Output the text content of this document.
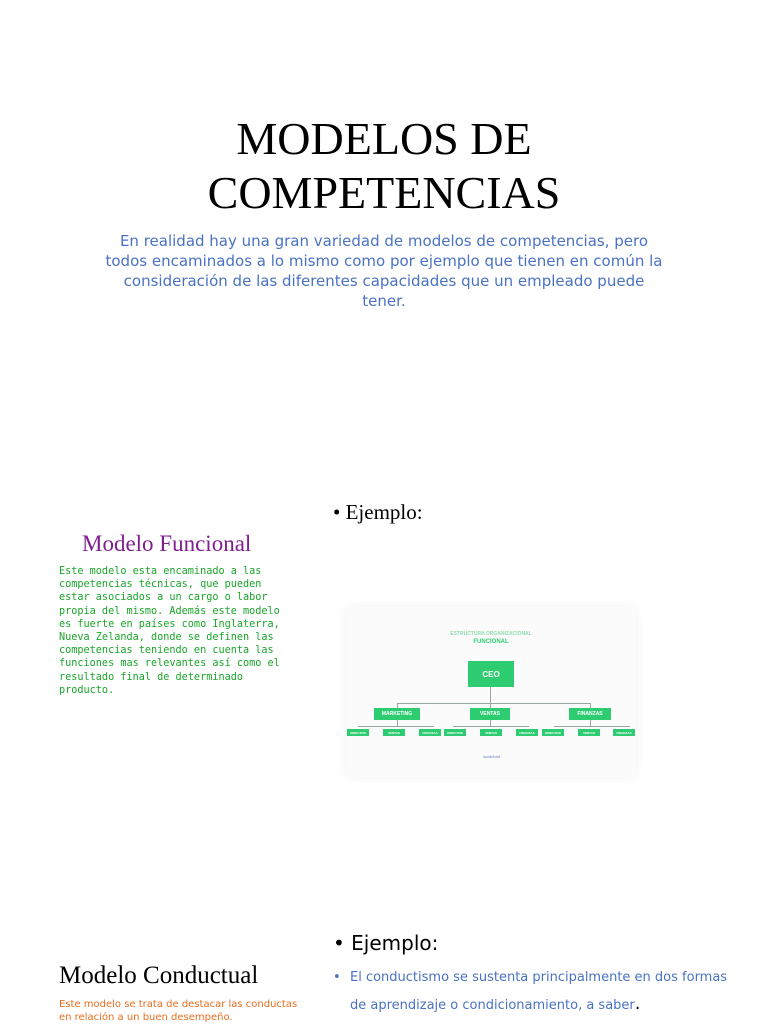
MODELOS DE
COMPETENCIAS
En realidad hay una gran variedad de modelos de competencias, pero todos encaminados a lo mismo como por ejemplo que tienen en común la consideración de las diferentes capacidades que un empleado puede tener.
• Ejemplo:
Modelo Funcional
Este modelo esta encaminado a las competencias técnicas, que pueden estar asociados a un cargo o labor propia del mismo. Además este modelo es fuerte en países como Inglaterra, Nueva Zelanda, donde se definen las competencias teniendo en cuenta las funciones mas relevantes así como el resultado final de determinado producto.
ESTRUCTURA ORGANIZACIONAL
FUNCIONAL
CEO
MARKETING	VENTAS	FINANZAS
DIRECTOR	VENTAS	FINANZAS	DIRECTOR	VENTAS	FINANZAS	DIRECTOR	VENTAS	FINANZAS
lucidchart
• Ejemplo:
Modelo Conductual
Este modelo se trata de destacar las conductas en relación a un buen desempeño.
• El conductismo se sustenta principalmente en dos formas de aprendizaje o condicionamiento, a saber.
